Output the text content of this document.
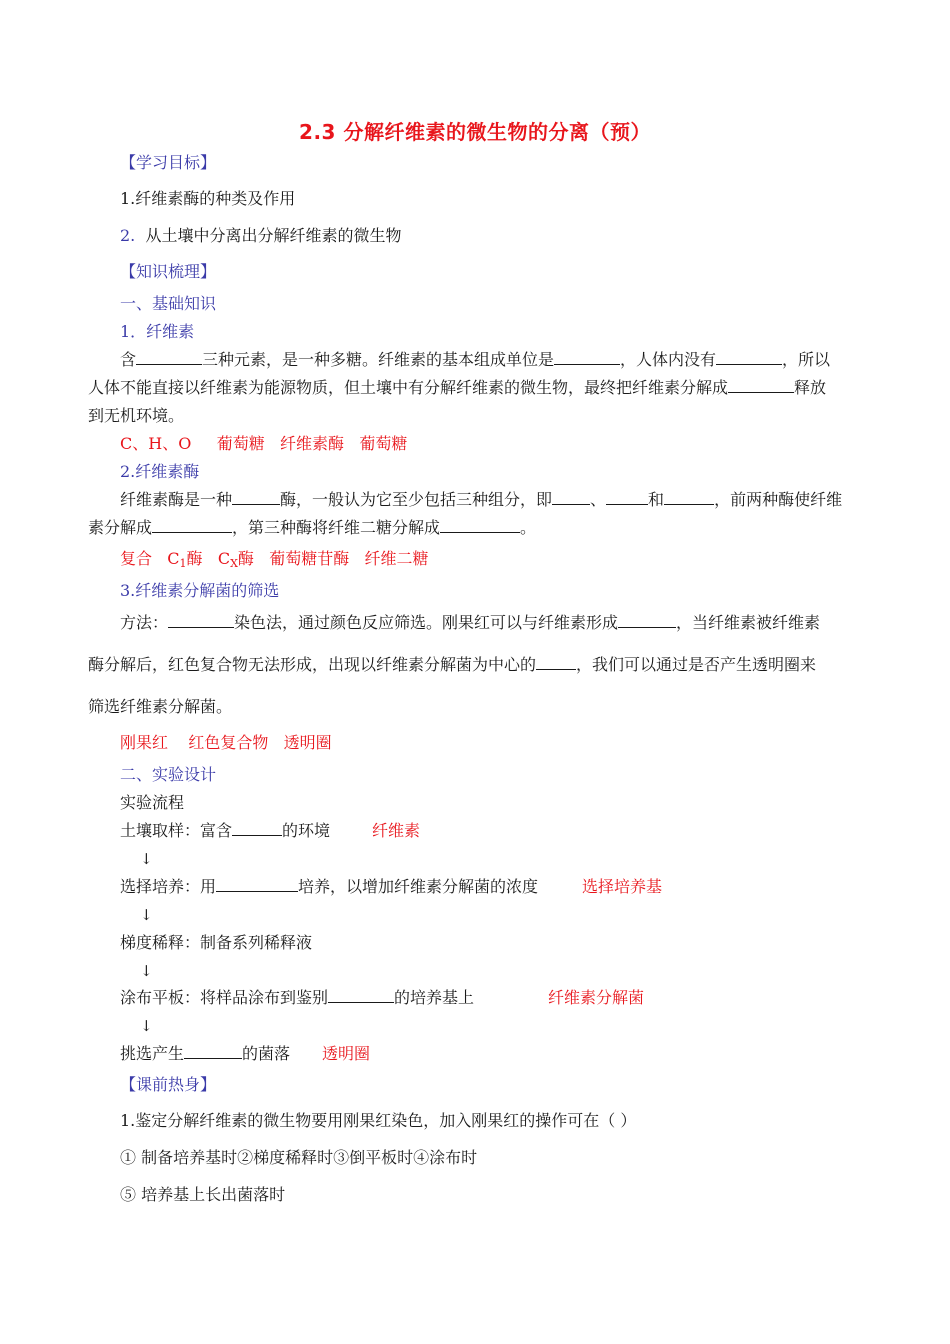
2.3 分解纤维素的微生物的分离（预）
【学习目标】
1.纤维素酶的种类及作用
2. 从土壤中分离出分解纤维素的微生物
【知识梳理】
一、基础知识
1．纤维素
含	三种元素，是一种多糖。纤维素的基本组成单位是	，人体内没有	，所以
人体不能直接以纤维素为能源物质，但土壤中有分解纤维素的微生物，最终把纤维素分解成	释放
到无机环境。
C、H、O 葡萄糖 纤维素酶 葡萄糖
2.纤维素酶
纤维素酶是一种	酶，一般认为它至少包括三种组分，即 、	和	，前两种酶使纤维
素分解成	，第三种酶将纤维二糖分解成	。
复合 $C_1$酶 $C_X$酶 葡萄糖苷酶 纤维二糖
3.纤维素分解菌的筛选
方法：	染色法，通过颜色反应筛选。刚果红可以与纤维素形成	，当纤维素被纤维素
酶分解后，红色复合物无法形成，出现以纤维素分解菌为中心的	，我们可以通过是否产生透明圈来
筛选纤维素分解菌。
刚果红 红色复合物 透明圈
二、实验设计
实验流程
土壤取样：富含	的环境	纤维素
↓
选择培养：用	培养，以增加纤维素分解菌的浓度	选择培养基
↓
梯度稀释：制备系列稀释液
↓
涂布平板：将样品涂布到鉴别	的培养基上	纤维素分解菌
↓
挑选产生	的菌落 透明圈
【课前热身】
1.鉴定分解纤维素的微生物要用刚果红染色，加入刚果红的操作可在（ ）
① 制备培养基时②梯度稀释时③倒平板时④涂布时
⑤ 培养基上长出菌落时
